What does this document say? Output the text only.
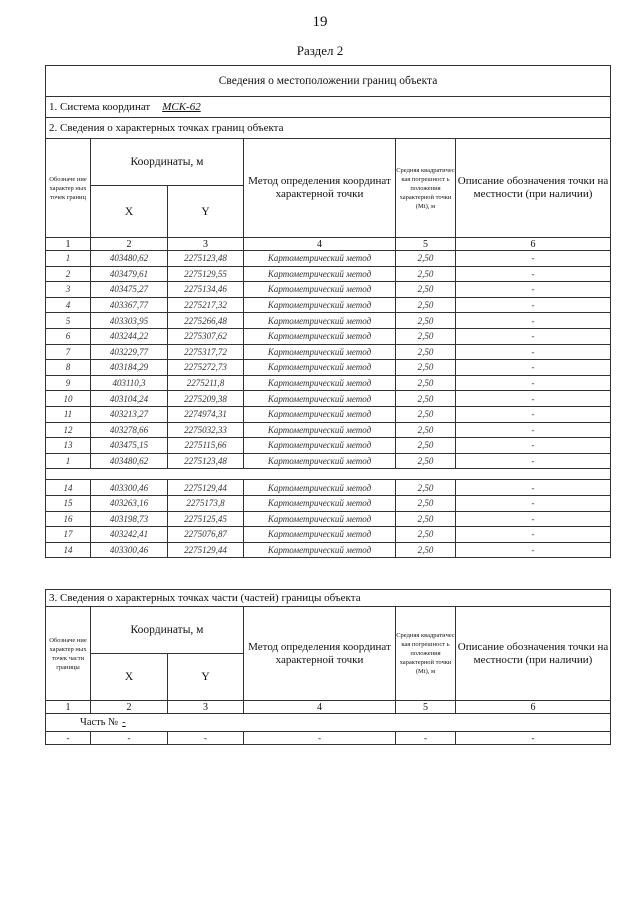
19
Раздел 2
Сведения о местоположении границ объекта					
1. Система координат МСК-62					
2. Сведения о характерных точках границ объекта					
Обозначе ние характер ных точек границ	Координаты, м		Метод определения координат характерной точки	Средняя квадратичес кая погрешност ь положения характерной точки (Mt), м	Описание обозначения точки на местности (при наличии)
	X	Y			
1	2	3	4	5	6
1	403480,62	2275123,48	Картометрический метод	2,50	-
2	403479,61	2275129,55	Картометрический метод	2,50	-
3	403475,27	2275134,46	Картометрический метод	2,50	-
4	403367,77	2275217,32	Картометрический метод	2,50	-
5	403303,95	2275266,48	Картометрический метод	2,50	-
6	403244,22	2275307,62	Картометрический метод	2,50	-
7	403229,77	2275317,72	Картометрический метод	2,50	-
8	403184,29	2275272,73	Картометрический метод	2,50	-
9	403110,3	2275211,8	Картометрический метод	2,50	-
10	403104,24	2275209,38	Картометрический метод	2,50	-
11	403213,27	2274974,31	Картометрический метод	2,50	-
12	403278,66	2275032,33	Картометрический метод	2,50	-
13	403475,15	2275115,66	Картометрический метод	2,50	-
1	403480,62	2275123,48	Картометрический метод	2,50	-

14	403300,46	2275129,44	Картометрический метод	2,50	-
15	403263,16	2275173,8	Картометрический метод	2,50	-
16	403198,73	2275125,45	Картометрический метод	2,50	-
17	403242,41	2275076,87	Картометрический метод	2,50	-
14	403300,46	2275129,44	Картометрический метод	2,50	-
3. Сведения о характерных точках части (частей) границы объекта					
Обозначе ние характер ных точек части границы	Координаты, м		Метод определения координат характерной точки	Средняя квадратичес кая погрешност ь положения характерной точки (Mt), м	Описание обозначения точки на местности (при наличии)
	X	Y			
1	2	3	4	5	6
Часть № -					
-	-	-	-	-	-
